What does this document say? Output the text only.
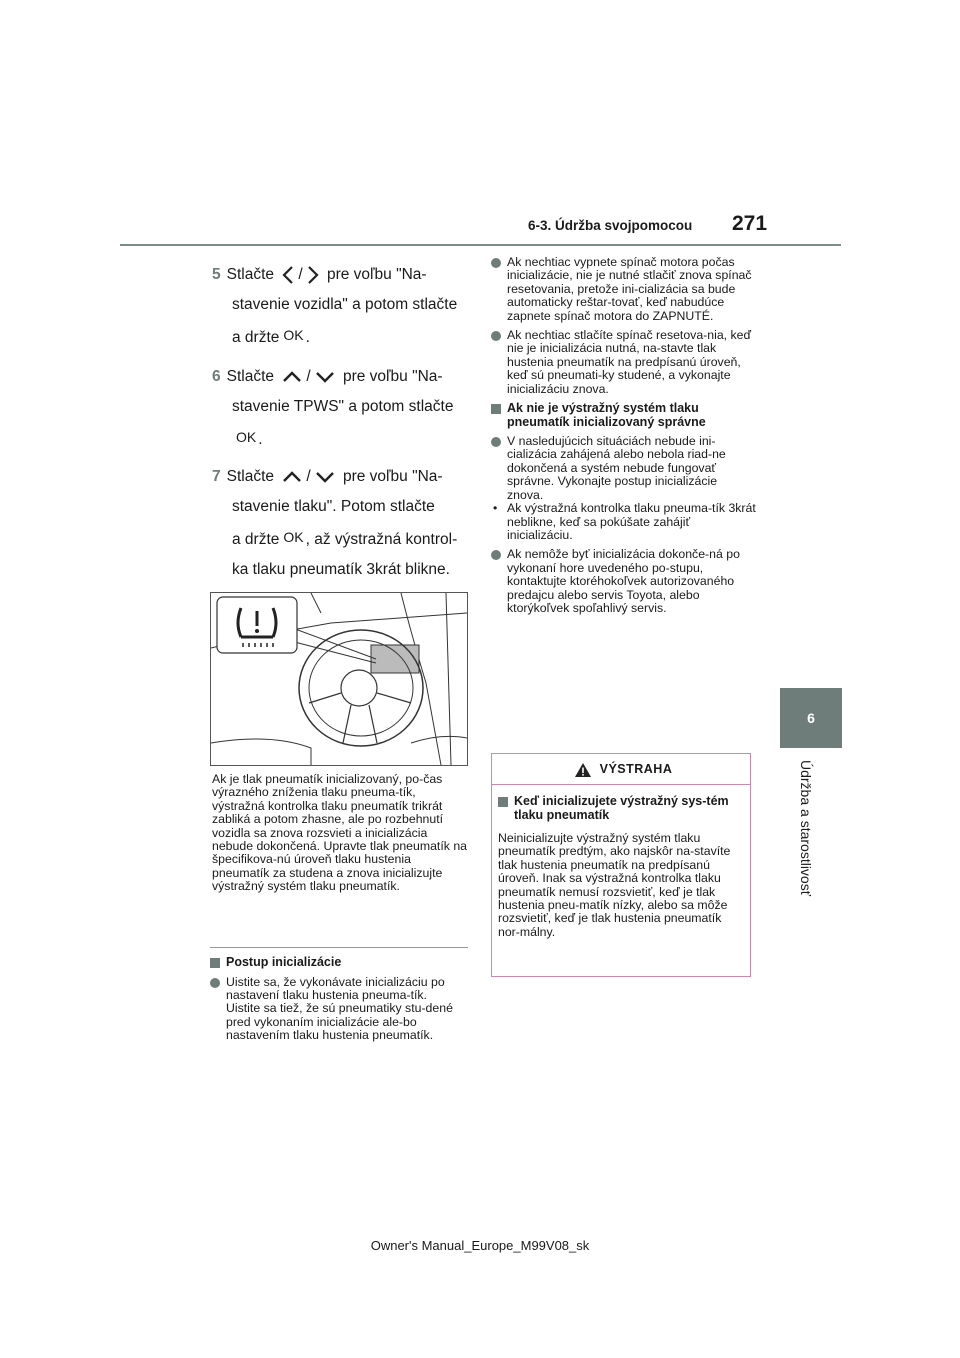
6-3. Údržba svojpomocou 271
6
Údržba a starostlivosť
5 Stlačte / pre voľbu "Na-
stavenie vozidla" a potom stlačte
a držte OK .
6 Stlačte / pre voľbu "Na-
stavenie TPWS" a potom stlačte
OK .
7 Stlačte / pre voľbu "Na-
stavenie tlaku". Potom stlačte
a držte OK , až výstražná kontrol-
ka tlaku pneumatík 3krát blikne.
Ak je tlak pneumatík inicializovaný, po-čas výrazného zníženia tlaku pneuma-tík, výstražná kontrolka tlaku pneumatík trikrát zabliká a potom zhasne, ale po rozbehnutí vozidla sa znova rozsvieti a inicializácia nebude dokončená. Upravte tlak pneumatík na špecifikova-nú úroveň tlaku hustenia pneumatík za studena a znova inicializujte výstražný systém tlaku pneumatík.
Postup inicializácie
Uistite sa, že vykonávate inicializáciu po nastavení tlaku hustenia pneuma-tík.
Uistite sa tiež, že sú pneumatiky stu-dené pred vykonaním inicializácie ale-bo nastavením tlaku hustenia pneumatík.
Ak nechtiac vypnete spínač motora počas inicializácie, nie je nutné stlačiť znova spínač resetovania, pretože ini-cializácia sa bude automaticky reštar-tovať, keď nabudúce zapnete spínač motora do ZAPNUTÉ.
Ak nechtiac stlačíte spínač resetova-nia, keď nie je inicializácia nutná, na-stavte tlak hustenia pneumatík na predpísanú úroveň, keď sú pneumati-ky studené, a vykonajte inicializáciu znova.
Ak nie je výstražný systém tlaku pneumatík inicializovaný správne
V nasledujúcich situáciách nebude ini-cializácia zahájená alebo nebola riad-ne dokončená a systém nebude fungovať správne. Vykonajte postup inicializácie znova.
• Ak výstražná kontrolka tlaku pneuma-tík 3krát neblikne, keď sa pokúšate zahájiť inicializáciu.
Ak nemôže byť inicializácia dokonče-ná po vykonaní hore uvedeného po-stupu, kontaktujte ktoréhokoľvek autorizovaného predajcu alebo servis Toyota, alebo ktorýkoľvek spoľahlivý servis.
VÝSTRAHA
Keď inicializujete výstražný sys-tém tlaku pneumatík
Neinicializujte výstražný systém tlaku pneumatík predtým, ako najskôr na-stavíte tlak hustenia pneumatík na predpísanú úroveň. Inak sa výstražná kontrolka tlaku pneumatík nemusí rozsvietiť, keď je tlak hustenia pneu-matík nízky, alebo sa môže rozsvietiť, keď je tlak hustenia pneumatík nor-málny.
Owner's Manual_Europe_M99V08_sk
